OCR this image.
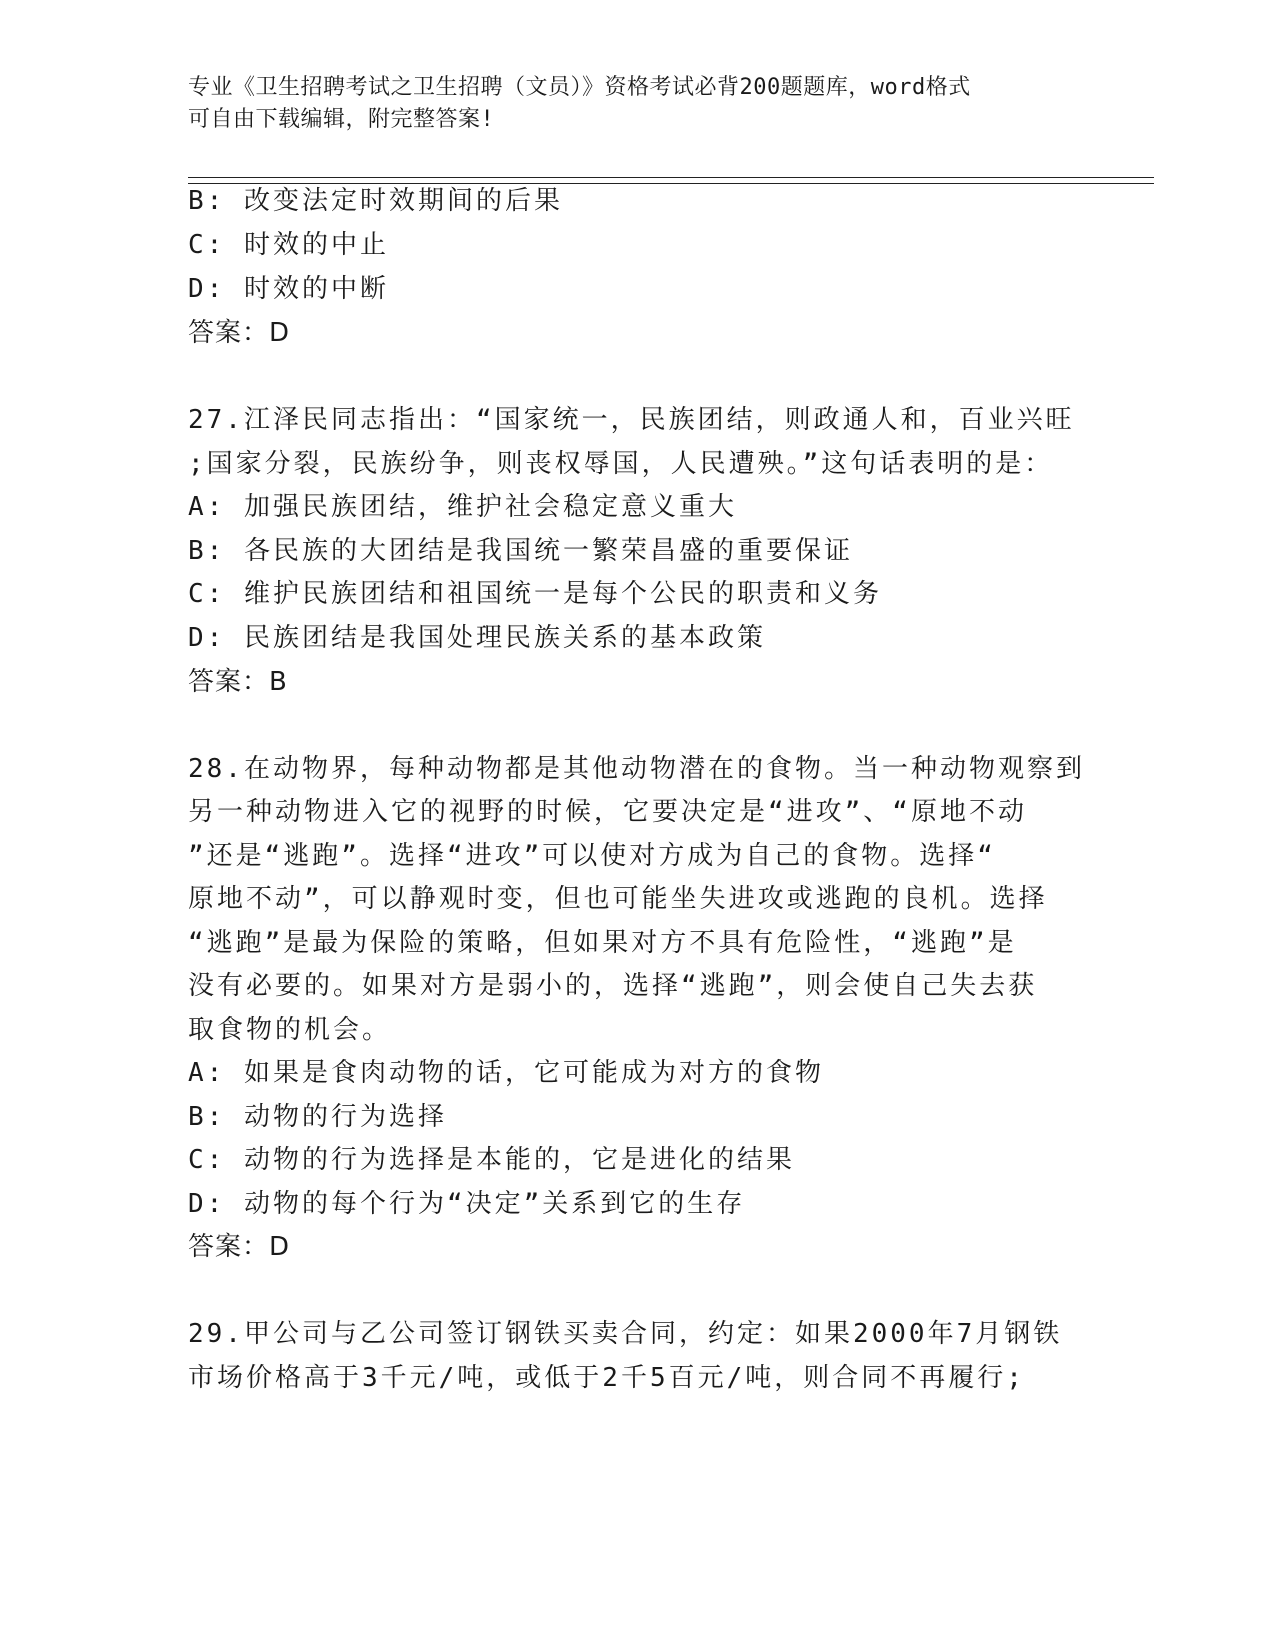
专业《卫生招聘考试之卫生招聘（文员）》资格考试必背200题题库，word格式
可自由下载编辑，附完整答案!
B: 改变法定时效期间的后果
C: 时效的中止
D: 时效的中断
答案：D
27.江泽民同志指出：“国家统一，民族团结，则政通人和，百业兴旺
;国家分裂，民族纷争，则丧权辱国，人民遭殃。”这句话表明的是：
A: 加强民族团结，维护社会稳定意义重大
B: 各民族的大团结是我国统一繁荣昌盛的重要保证
C: 维护民族团结和祖国统一是每个公民的职责和义务
D: 民族团结是我国处理民族关系的基本政策
答案：B
28.在动物界，每种动物都是其他动物潜在的食物。当一种动物观察到
另一种动物进入它的视野的时候，它要决定是“进攻”、“原地不动
”还是“逃跑”。选择“进攻”可以使对方成为自己的食物。选择“
原地不动”，可以静观时变，但也可能坐失进攻或逃跑的良机。选择
“逃跑”是最为保险的策略，但如果对方不具有危险性，“逃跑”是
没有必要的。如果对方是弱小的，选择“逃跑”，则会使自己失去获
取食物的机会。
A: 如果是食肉动物的话，它可能成为对方的食物
B: 动物的行为选择
C: 动物的行为选择是本能的，它是进化的结果
D: 动物的每个行为“决定”关系到它的生存
答案：D
29.甲公司与乙公司签订钢铁买卖合同，约定：如果2000年7月钢铁
市场价格高于3千元/吨，或低于2千5百元/吨，则合同不再履行;
